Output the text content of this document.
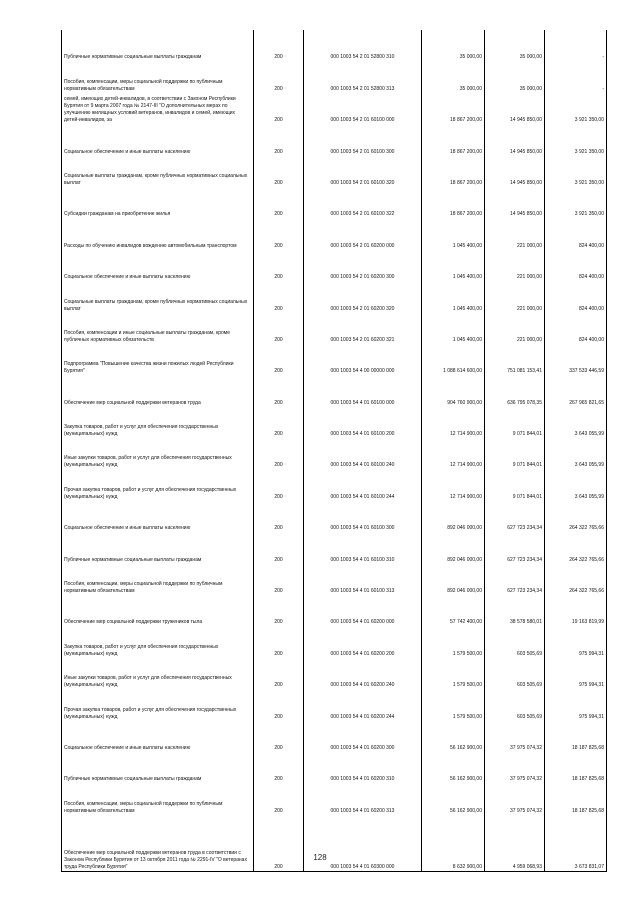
Публичные нормативные социальные выплаты гражданам	200	000 1003 54 2 01 52800 310	35 000,00	35 000,00	-
Пособия, компенсации, меры социальной поддержки по публичным нормативным обязательствам	200	000 1003 54 2 01 52800 313	35 000,00	35 000,00	-
семей, имеющих детей-инвалидов, в соответствии с Законом Республики Бурятия от 9 марта 2007 года № 2147-III "О дополнительных мерах по улучшению жилищных условий ветеранов, инвалидов и семей, имеющих детей-инвалидов, за	200	000 1003 54 2 01 60100 000	18 867 200,00	14 945 850,00	3 921 350,00
Социальное обеспечение и иные выплаты населению	200	000 1003 54 2 01 60100 300	18 867 200,00	14 945 850,00	3 921 350,00
Социальные выплаты гражданам, кроме публичных нормативных социальных выплат	200	000 1003 54 2 01 60100 320	18 867 200,00	14 945 850,00	3 921 350,00
Субсидии гражданам на приобретение жилья	200	000 1003 54 2 01 60100 322	18 867 200,00	14 945 850,00	3 921 350,00
Расходы по обучению инвалидов вождению автомобильным транспортом	200	000 1003 54 2 01 60200 000	1 045 400,00	221 000,00	824 400,00
Социальное обеспечение и иные выплаты населению	200	000 1003 54 2 01 60200 300	1 045 400,00	221 000,00	824 400,00
Социальные выплаты гражданам, кроме публичных нормативных социальных выплат	200	000 1003 54 2 01 60200 320	1 045 400,00	221 000,00	824 400,00
Пособия, компенсации и иные социальные выплаты гражданам, кроме публичных нормативных обязательств	200	000 1003 54 2 01 60200 321	1 045 400,00	221 000,00	824 400,00
Подпрограмма "Повышение качества жизни пожилых людей Республики Бурятия"	200	000 1003 54 4 00 00000 000	1 088 614 600,00	751 081 153,41	337 533 446,59
Обеспечение мер социальной поддержки ветеранов труда	200	000 1003 54 4 01 60100 000	904 760 900,00	636 795 078,35	267 965 821,65
Закупка товаров, работ и услуг для обеспечения государственных (муниципальных) нужд	200	000 1003 54 4 01 60100 200	12 714 900,00	9 071 844,01	3 643 055,99
Иные закупки товаров, работ и услуг для обеспечения государственных (муниципальных) нужд	200	000 1003 54 4 01 60100 240	12 714 900,00	9 071 844,01	3 643 055,99
Прочая закупка товаров, работ и услуг для обеспечения государственных (муниципальных) нужд	200	000 1003 54 4 01 60100 244	12 714 900,00	9 071 844,01	3 643 055,99
Социальное обеспечение и иные выплаты населению	200	000 1003 54 4 01 60100 300	892 046 000,00	627 723 234,34	264 322 765,66
Публичные нормативные социальные выплаты гражданам	200	000 1003 54 4 01 60100 310	892 046 000,00	627 723 234,34	264 322 765,66
Пособия, компенсации, меры социальной поддержки по публичным нормативным обязательствам	200	000 1003 54 4 01 60100 313	892 046 000,00	627 723 234,34	264 322 765,66
Обеспечение мер социальной поддержки тружеников тыла	200	000 1003 54 4 01 60200 000	57 742 400,00	38 578 580,01	19 163 819,99
Закупка товаров, работ и услуг для обеспечения государственных (муниципальных) нужд	200	000 1003 54 4 01 60200 200	1 579 500,00	603 505,69	975 994,31
Иные закупки товаров, работ и услуг для обеспечения государственных (муниципальных) нужд	200	000 1003 54 4 01 60200 240	1 579 500,00	603 505,69	975 994,31
Прочая закупка товаров, работ и услуг для обеспечения государственных (муниципальных) нужд	200	000 1003 54 4 01 60200 244	1 579 500,00	603 505,69	975 994,31
Социальное обеспечение и иные выплаты населению	200	000 1003 54 4 01 60200 300	56 162 900,00	37 975 074,32	18 187 825,68
Публичные нормативные социальные выплаты гражданам	200	000 1003 54 4 01 60200 310	56 162 900,00	37 975 074,32	18 187 825,68
Пособия, компенсации, меры социальной поддержки по публичным нормативным обязательствам	200	000 1003 54 4 01 60200 313	56 162 900,00	37 975 074,32	18 187 825,68
Обеспечение мер социальной поддержки ветеранов труда в соответствии с Законом Республики Бурятия от 13 октября 2011 года № 2291-IV "О ветеранах труда Республики Бурятия"	200	000 1003 54 4 01 60300 000	8 632 900,00	4 959 068,93	3 673 831,07
128
